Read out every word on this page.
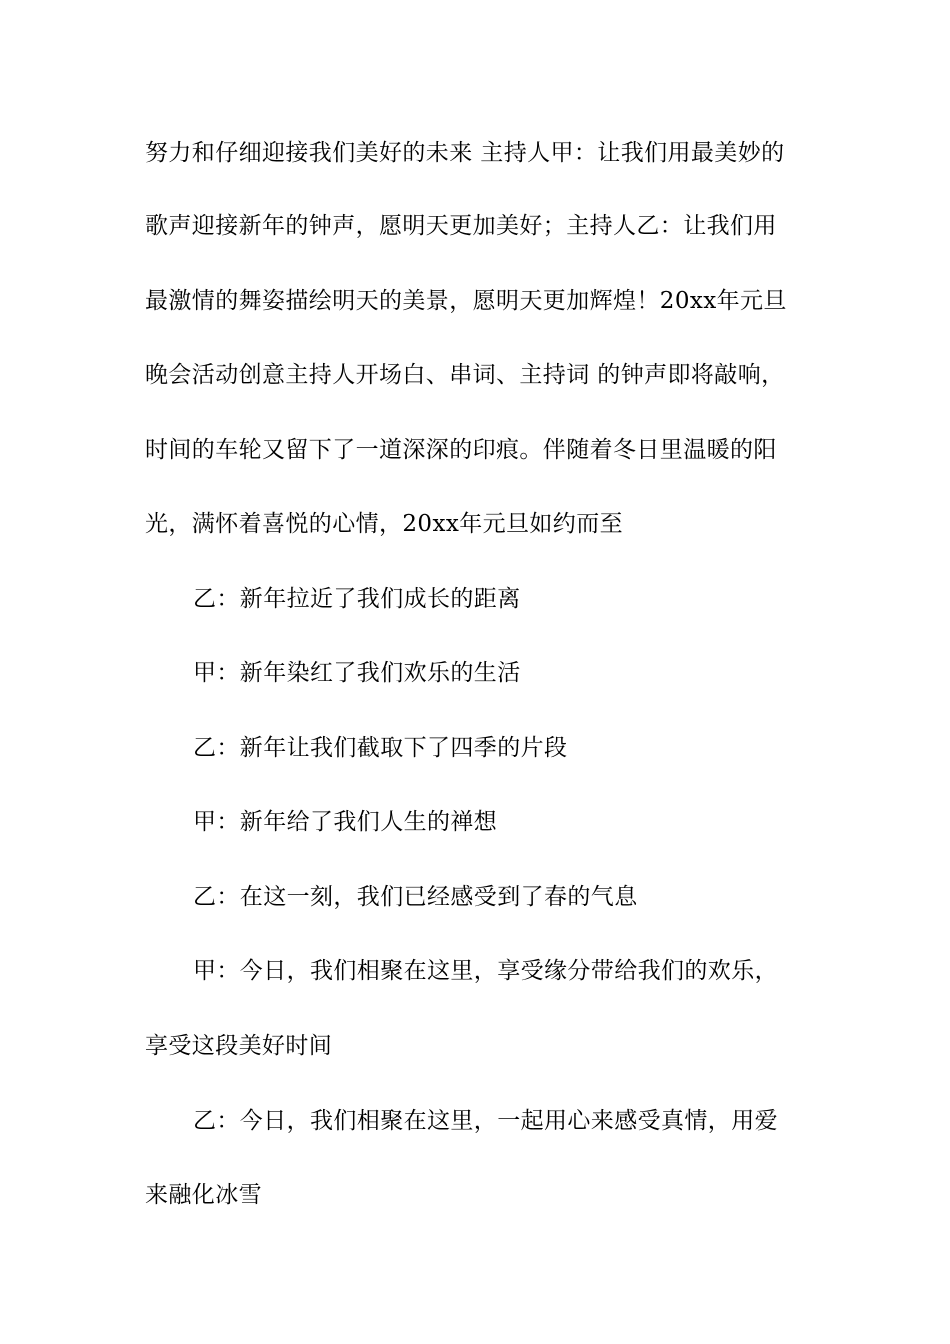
努力和仔细迎接我们美好的未来 主持人甲：让我们用最美妙的
歌声迎接新年的钟声，愿明天更加美好；主持人乙：让我们用
最激情的舞姿描绘明天的美景，愿明天更加辉煌！20xx年元旦
晚会活动创意主持人开场白、串词、主持词 的钟声即将敲响，
时间的车轮又留下了一道深深的印痕。伴随着冬日里温暖的阳
光，满怀着喜悦的心情，20xx年元旦如约而至
乙：新年拉近了我们成长的距离
甲：新年染红了我们欢乐的生活
乙：新年让我们截取下了四季的片段
甲：新年给了我们人生的禅想
乙：在这一刻，我们已经感受到了春的气息
甲：今日，我们相聚在这里，享受缘分带给我们的欢乐，
享受这段美好时间
乙：今日，我们相聚在这里，一起用心来感受真情，用爱
来融化冰雪
